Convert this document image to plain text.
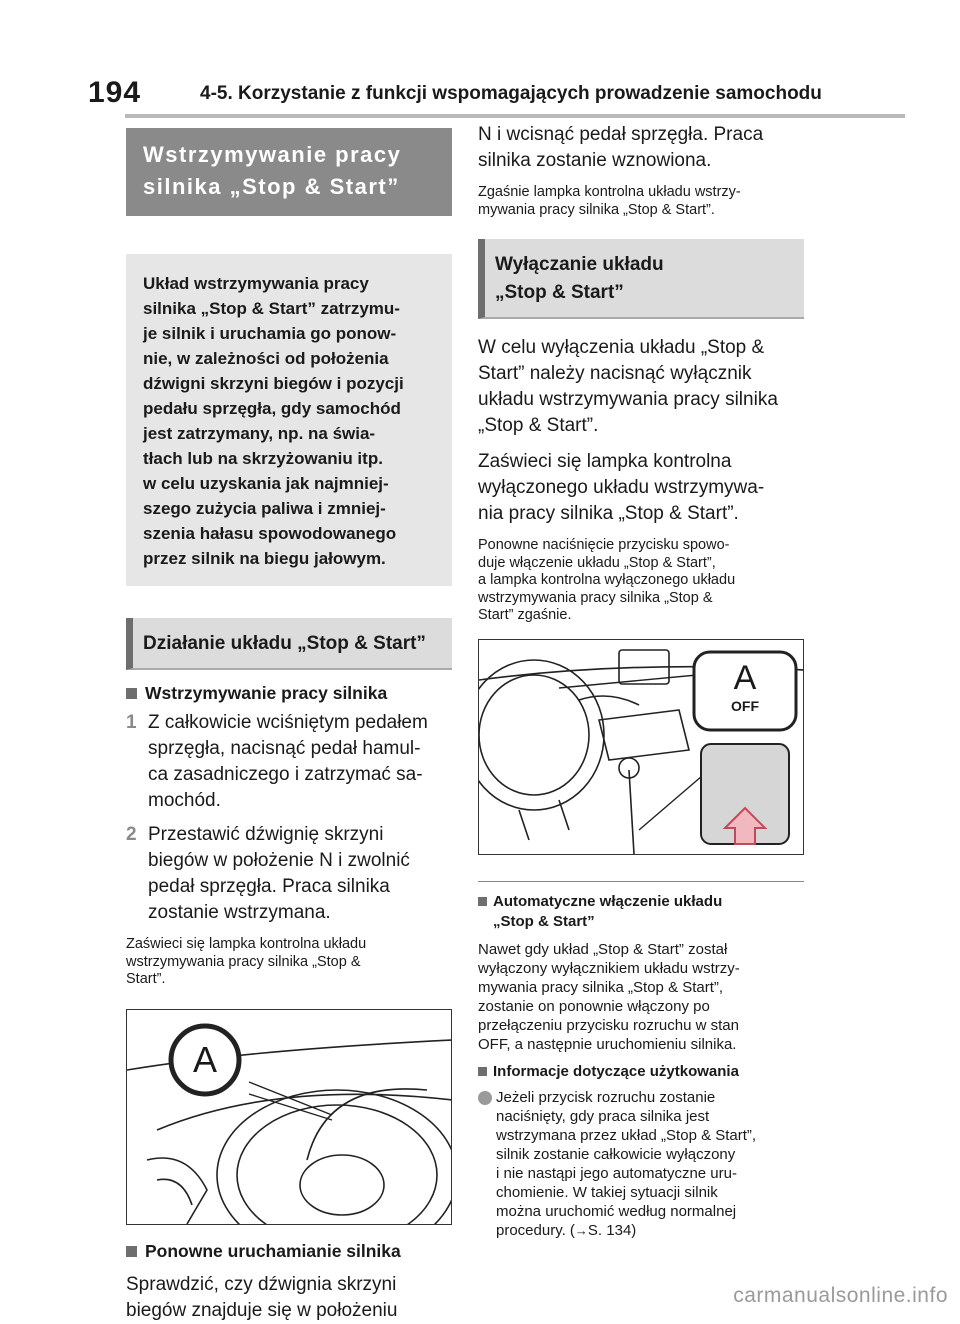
194	4-5. Korzystanie z funkcji wspomagających prowadzenie samochodu
Wstrzymywanie pracy
silnika „Stop & Start”
Układ wstrzymywania pracy
silnika „Stop & Start” zatrzymu-
je silnik i uruchamia go ponow-
nie, w zależności od położenia
dźwigni skrzyni biegów i pozycji
pedału sprzęgła, gdy samochód
jest zatrzymany, np. na świa-
tłach lub na skrzyżowaniu itp.
w celu uzyskania jak najmniej-
szego zużycia paliwa i zmniej-
szenia hałasu spowodowanego
przez silnik na biegu jałowym.
Działanie układu „Stop & Start”
Wstrzymywanie pracy silnika
1 Z całkowicie wciśniętym pedałem
sprzęgła, nacisnąć pedał hamul-
ca zasadniczego i zatrzymać sa-
mochód.
2 Przestawić dźwignię skrzyni
biegów w położenie N i zwolnić
pedał sprzęgła. Praca silnika
zostanie wstrzymana.
Zaświeci się lampka kontrolna układu
wstrzymywania pracy silnika „Stop &
Start”.
A
Ponowne uruchamianie silnika
Sprawdzić, czy dźwignia skrzyni
biegów znajduje się w położeniu
N i wcisnąć pedał sprzęgła. Praca
silnika zostanie wznowiona.
Zgaśnie lampka kontrolna układu wstrzy-
mywania pracy silnika „Stop & Start”.
Wyłączanie układu
„Stop & Start”
W celu wyłączenia układu „Stop &
Start” należy nacisnąć wyłącznik
układu wstrzymywania pracy silnika
„Stop & Start”.
Zaświeci się lampka kontrolna
wyłączonego układu wstrzymywa-
nia pracy silnika „Stop & Start”.
Ponowne naciśnięcie przycisku spowo-
duje włączenie układu „Stop & Start”,
a lampka kontrolna wyłączonego układu
wstrzymywania pracy silnika „Stop &
Start” zgaśnie.
A
OFF
Automatyczne włączenie układu
„Stop & Start”
Nawet gdy układ „Stop & Start” został
wyłączony wyłącznikiem układu wstrzy-
mywania pracy silnika „Stop & Start”,
zostanie on ponownie włączony po
przełączeniu przycisku rozruchu w stan
OFF, a następnie uruchomieniu silnika.
Informacje dotyczące użytkowania
Jeżeli przycisk rozruchu zostanie
naciśnięty, gdy praca silnika jest
wstrzymana przez układ „Stop & Start”,
silnik zostanie całkowicie wyłączony
i nie nastąpi jego automatyczne uru-
chomienie. W takiej sytuacji silnik
można uruchomić według normalnej
procedury. (→S. 134)
carmanualsonline.info
